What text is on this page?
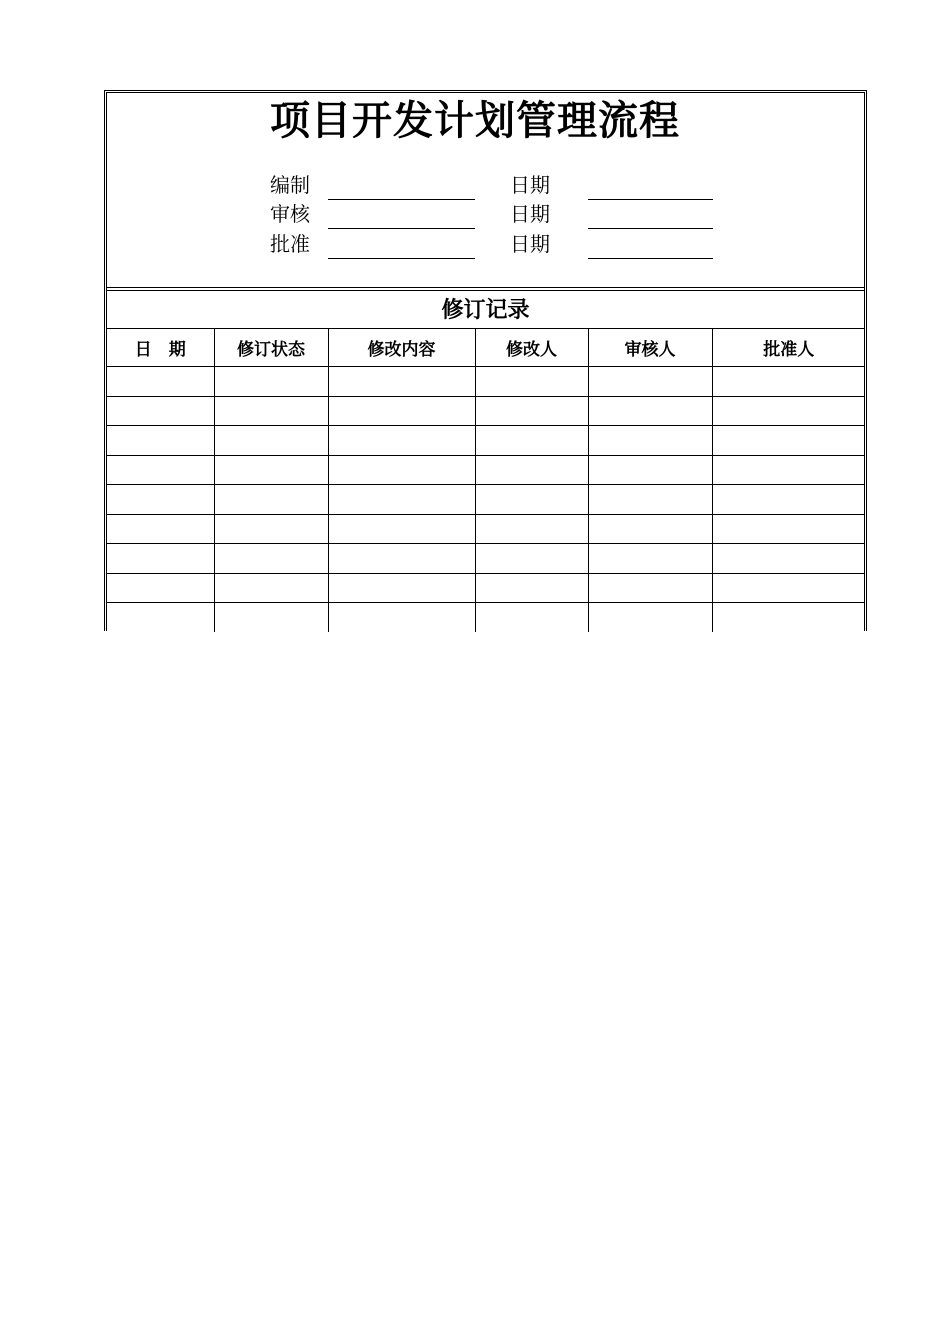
项目开发计划管理流程
编制	日期
审核	日期
批准	日期
修订记录
日　期	修订状态	修改内容	修改人	审核人	批准人
